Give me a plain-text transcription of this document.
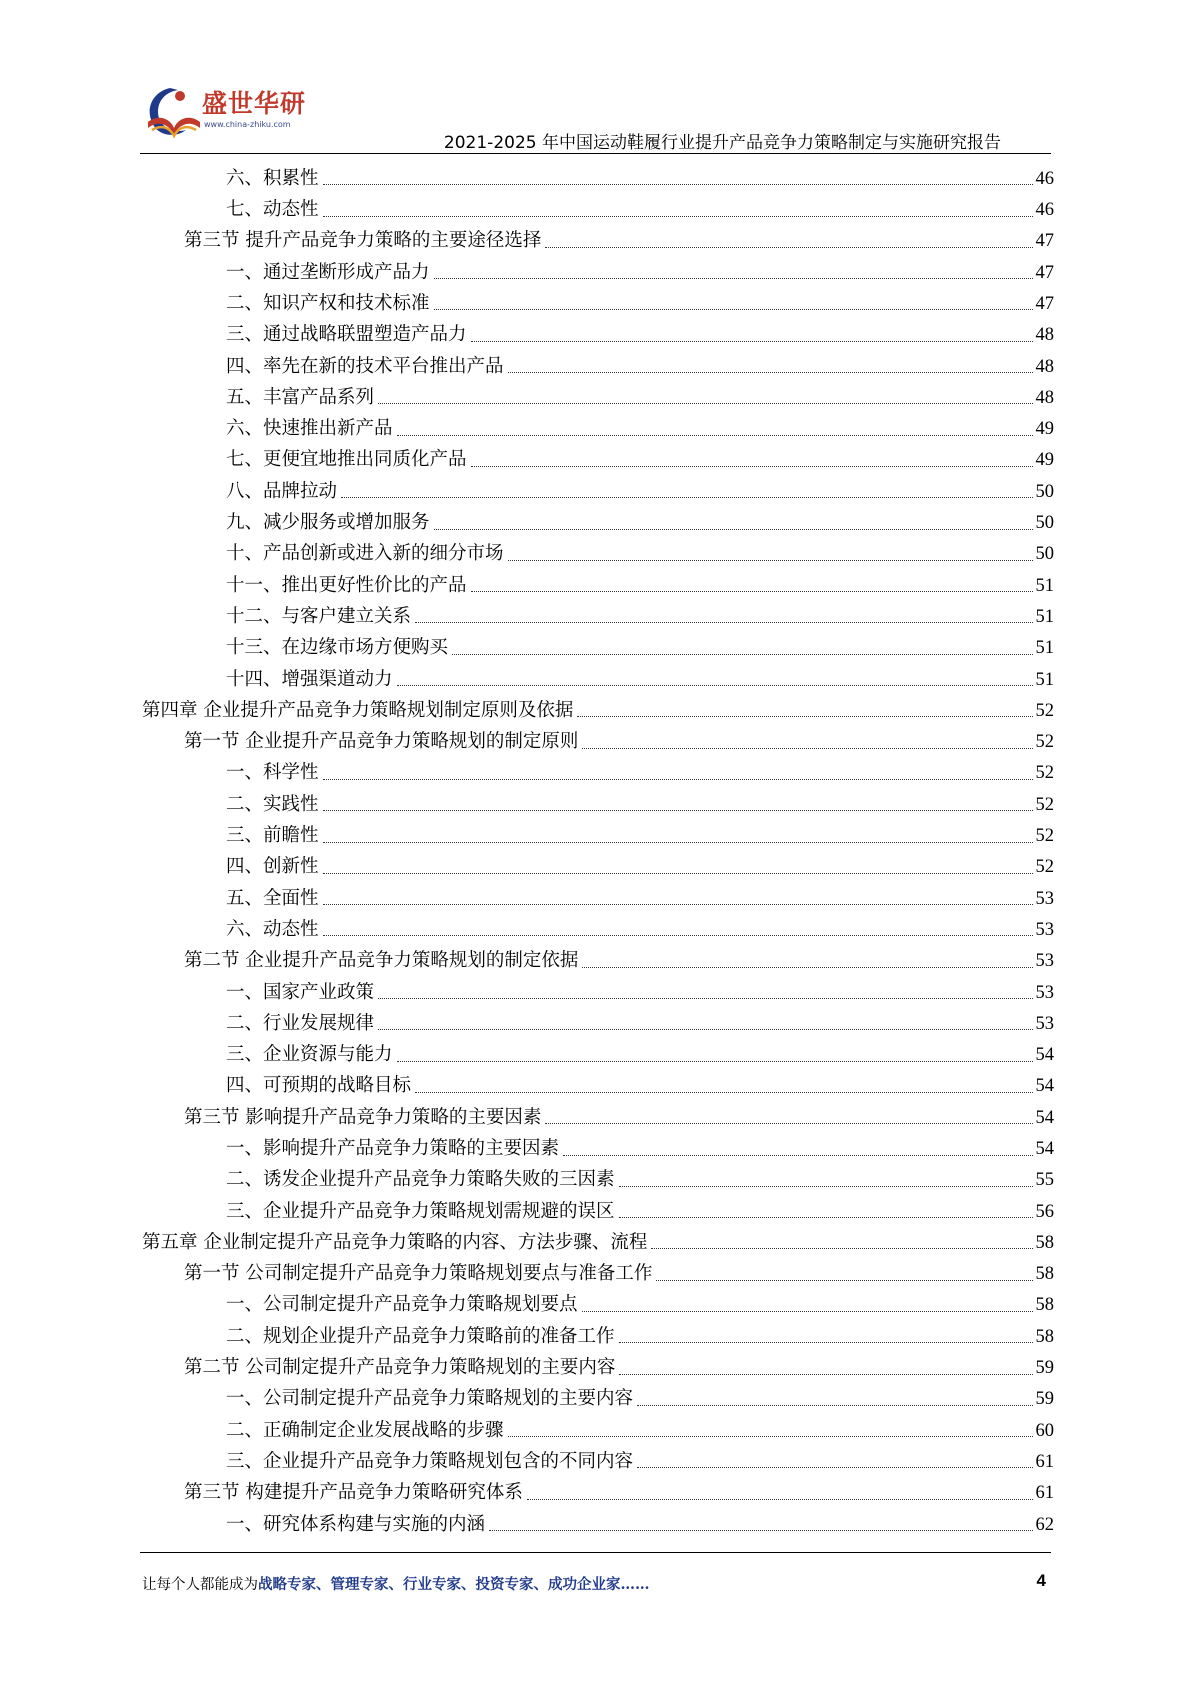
盛世华研
www.china-zhiku.com
2021-2025 年中国运动鞋履行业提升产品竞争力策略制定与实施研究报告
六、积累性	46
七、动态性	46
第三节 提升产品竞争力策略的主要途径选择	47
一、通过垄断形成产品力	47
二、知识产权和技术标准	47
三、通过战略联盟塑造产品力	48
四、率先在新的技术平台推出产品	48
五、丰富产品系列	48
六、快速推出新产品	49
七、更便宜地推出同质化产品	49
八、品牌拉动	50
九、减少服务或增加服务	50
十、产品创新或进入新的细分市场	50
十一、推出更好性价比的产品	51
十二、与客户建立关系	51
十三、在边缘市场方便购买	51
十四、增强渠道动力	51
第四章 企业提升产品竞争力策略规划制定原则及依据	52
第一节 企业提升产品竞争力策略规划的制定原则	52
一、科学性	52
二、实践性	52
三、前瞻性	52
四、创新性	52
五、全面性	53
六、动态性	53
第二节 企业提升产品竞争力策略规划的制定依据	53
一、国家产业政策	53
二、行业发展规律	53
三、企业资源与能力	54
四、可预期的战略目标	54
第三节 影响提升产品竞争力策略的主要因素	54
一、影响提升产品竞争力策略的主要因素	54
二、诱发企业提升产品竞争力策略失败的三因素	55
三、企业提升产品竞争力策略规划需规避的误区	56
第五章 企业制定提升产品竞争力策略的内容、方法步骤、流程	58
第一节 公司制定提升产品竞争力策略规划要点与准备工作	58
一、公司制定提升产品竞争力策略规划要点	58
二、规划企业提升产品竞争力策略前的准备工作	58
第二节 公司制定提升产品竞争力策略规划的主要内容	59
一、公司制定提升产品竞争力策略规划的主要内容	59
二、正确制定企业发展战略的步骤	60
三、企业提升产品竞争力策略规划包含的不同内容	61
第三节 构建提升产品竞争力策略研究体系	61
一、研究体系构建与实施的内涵	62
让每个人都能成为战略专家、管理专家、行业专家、投资专家、成功企业家……	4
